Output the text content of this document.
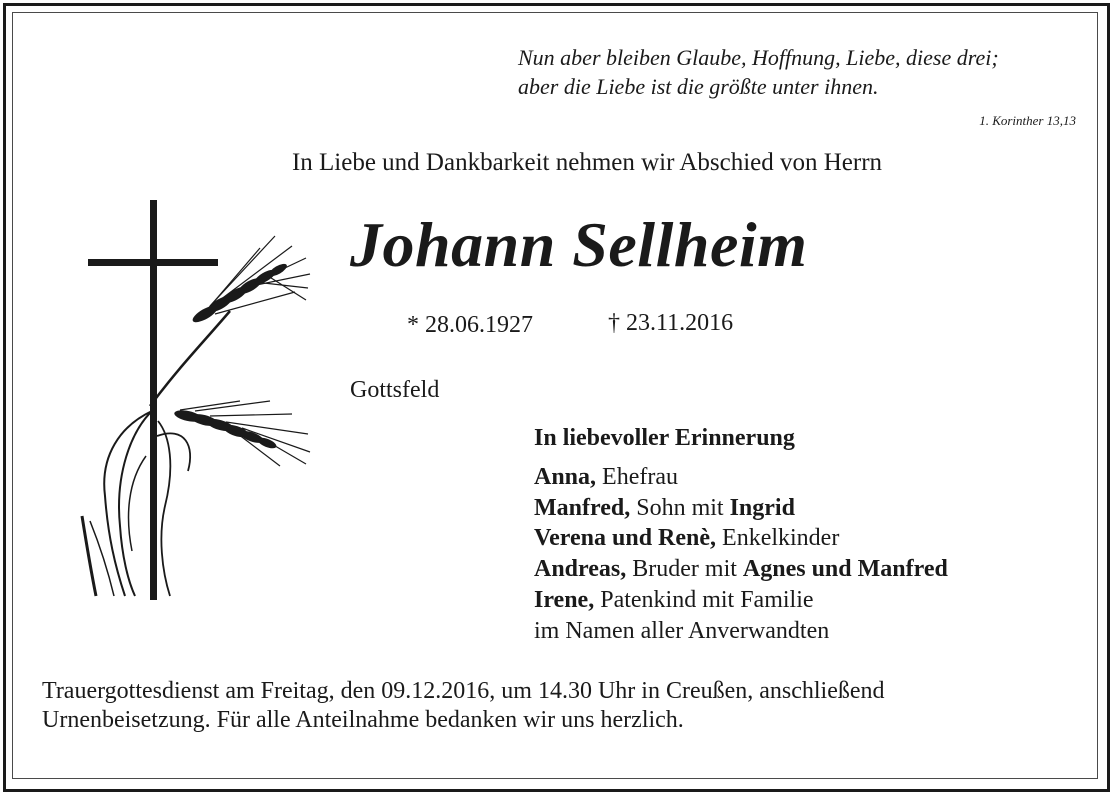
Nun aber bleiben Glaube, Hoffnung, Liebe, diese drei;
aber die Liebe ist die größte unter ihnen.
1. Korinther 13,13
In Liebe und Dankbarkeit nehmen wir Abschied von Herrn
Johann Sellheim
* 28.06.1927	† 23.11.2016
Gottsfeld
In liebevoller Erinnerung
Anna, Ehefrau
Manfred, Sohn mit Ingrid
Verena und Renè, Enkelkinder
Andreas, Bruder mit Agnes und Manfred
Irene, Patenkind mit Familie
im Namen aller Anverwandten
Trauergottesdienst am Freitag, den 09.12.2016, um 14.30 Uhr in Creußen, anschließend
Urnenbeisetzung. Für alle Anteilnahme bedanken wir uns herzlich.
